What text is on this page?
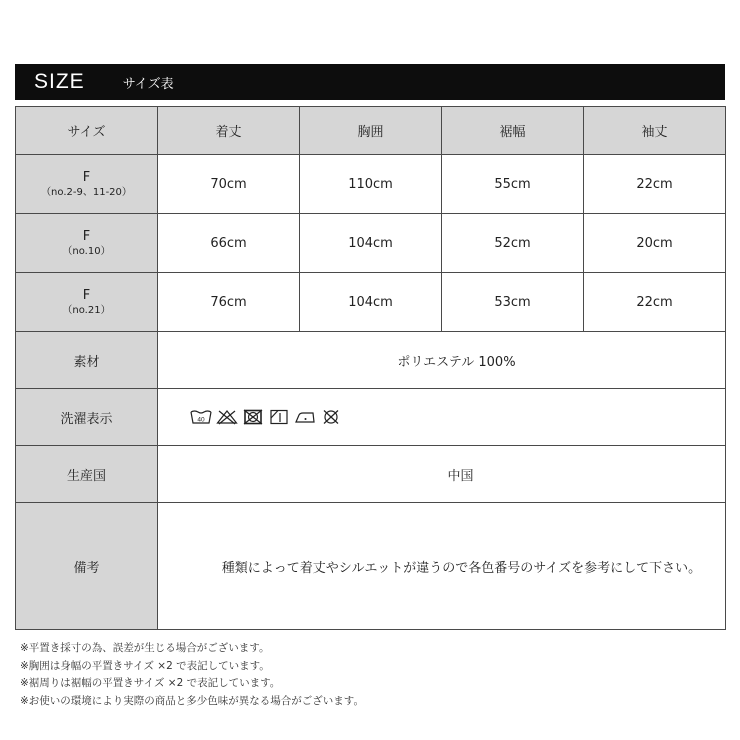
SIZE	サイズ表
サイズ	着丈	胸囲	裾幅	袖丈

F
（no.2-9、11-20）	70cm	110cm	55cm	22cm

F
（no.10）	66cm	104cm	52cm	20cm

F
（no.21）	76cm	104cm	53cm	22cm
素材	ポリエステル 100%			
洗濯表示	40			

生産国	中国			
備考	種類によって着丈やシルエットが違うので各色番号のサイズを参考にして下さい。			
※平置き採寸の為、誤差が生じる場合がございます。
※胸囲は身幅の平置きサイズ ×2 で表記しています。
※裾周りは裾幅の平置きサイズ ×2 で表記しています。
※お使いの環境により実際の商品と多少色味が異なる場合がございます。
